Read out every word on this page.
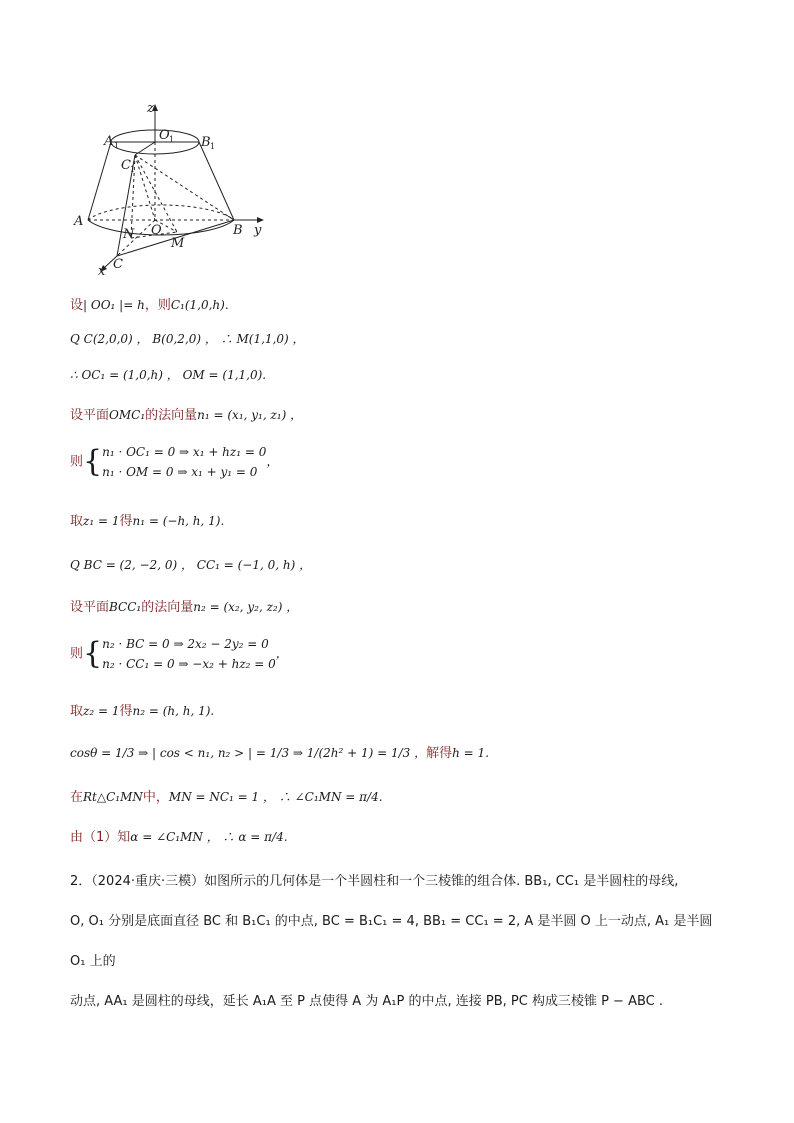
z
A 1
O 1 B 1
C 1
A
B y
O
N
M
C
x
设| OO₁ |= h，则C₁(1,0,h).
Q C(2,0,0) ， B(0,2,0) ， ∴ M(1,1,0) ，
∴ OC₁ = (1,0,h) ， OM = (1,1,0).
设平面OMC₁的法向量n₁ = (x₁, y₁, z₁) ，
则{ n₁ · OC₁ = 0 ⇒ x₁ + hz₁ = 0
n₁ · OM = 0 ⇒ x₁ + y₁ = 0
，
取z₁ = 1得n₁ = (−h, h, 1).
Q BC = (2, −2, 0) ， CC₁ = (−1, 0, h) ，
设平面BCC₁的法向量n₂ = (x₂, y₂, z₂) ，
则{ n₂ · BC = 0 ⇒ 2x₂ − 2y₂ = 0
n₂ · CC₁ = 0 ⇒ −x₂ + hz₂ = 0
，
取z₂ = 1得n₂ = (h, h, 1).
cosθ = 1/3 ⇒ | cos < n₁, n₂ > | = 1/3 ⇒ 1/(2h² + 1) = 1/3 ，解得h = 1.
在Rt△C₁MN中，MN = NC₁ = 1 ， ∴ ∠C₁MN = π/4.
由（1）知α = ∠C₁MN ， ∴ α = π/4.
2．（2024·重庆·三模）如图所示的几何体是一个半圆柱和一个三棱锥的组合体. BB₁, CC₁ 是半圆柱的母线,
O, O₁ 分别是底面直径 BC 和 B₁C₁ 的中点, BC = B₁C₁ = 4, BB₁ = CC₁ = 2, A 是半圆 O 上一动点, A₁ 是半圆 O₁ 上的
动点, AA₁ 是圆柱的母线，延长 A₁A 至 P 点使得 A 为 A₁P 的中点, 连接 PB, PC 构成三棱锥 P − ABC .
